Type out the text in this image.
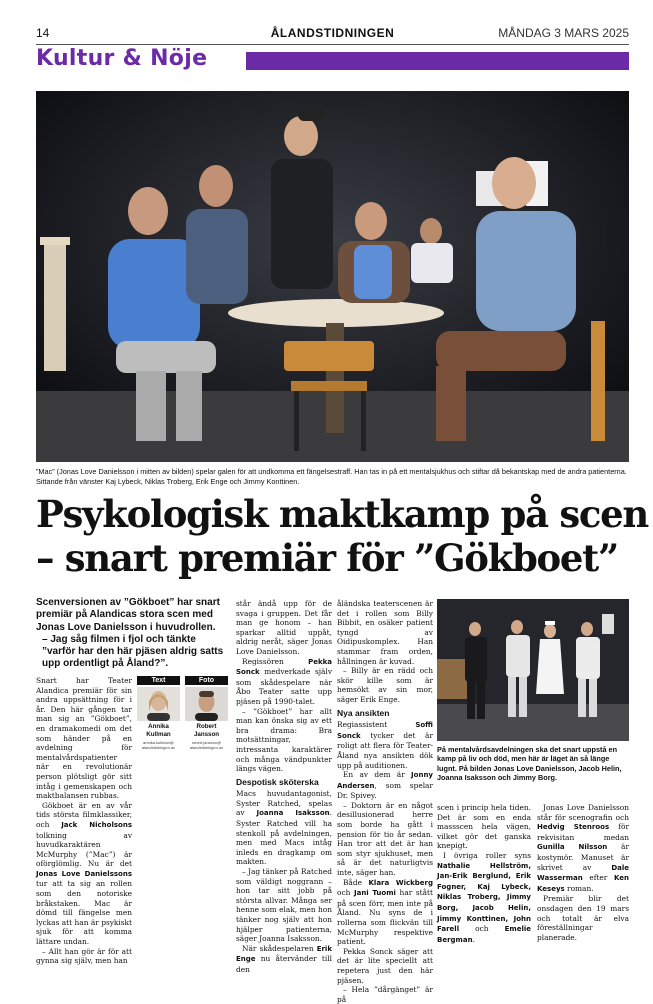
14	ÅLANDSTIDNINGEN	MÅNDAG 3 MARS 2025
Kultur & Nöje
”Mac” (Jonas Love Danielsson i mitten av bilden) spelar galen för att undkomma ett fängelsestraff. Han tas in på ett mentalsjukhus och stiftar då bekantskap med de andra patienterna. Sittande från vänster Kaj Lybeck, Niklas Troberg, Erik Enge och Jimmy Konttinen.
Psykologisk maktkamp på scen
– snart premiär för ”Gökboet”

Scenversionen av ”Gökboet” har snart premiär på Alandicas stora scen med Jonas Love Danielsson i huvudrollen.

– Jag såg filmen i fjol och tänkte ”varför har den här pjäsen aldrig satts upp ordentligt på Åland?”.

Snart har Teater Alandica premiär för sin andra uppsättning för i år. Den här gången tar man sig an ”Gökboet”, en dramakomedi om det som händer på en avdelning för mentalvårdspatienter när en revolutionär person plötsligt gör sitt intåg i gemenskapen och maktbalansen rubbas.

Gökboet är en av vår tids största filmklassiker, och Jack Nicholsons tolkning av huvudkaraktären McMurphy (”Mac”) är oförglömlig. Nu är det Jonas Love Danielssons tur att ta sig an rollen som den notoriske bråkstaken. Mac är dömd till fängelse men lyckas att han är psykiskt sjuk för att komma lättare undan.

– Allt han gör är för att gynna sig själv, men han

Text	Foto
Annika Kullman
Robert Jansson
annika.kullman@ alandstidningen.ax
robert.jansson@ alandstidningen.ax

står ändå upp för de svaga i gruppen. Det får man ge honom – han sparkar alltid uppåt, aldrig neråt, säger Jonas Love Danielsson.

Regissören Pekka Sonck medverkade själv som skådespelare när Åbo Teater satte upp pjäsen på 1990-talet.

– ”Gökboet” har allt man kan önska sig av ett bra drama: Bra motsättningar, intressanta karaktärer och många vändpunkter längs vägen.

Despotisk sköterska

Macs huvudantagonist, Syster Ratched, spelas av Joanna Isaksson. Syster Ratched vill ha stenkoll på avdelningen, men med Macs intåg inleds en dragkamp om makten.

– Jag tänker på Ratched som väldigt noggrann – hon tar sitt jobb på största allvar. Många ser henne som elak, men hon tänker nog själv att hon hjälper patienterna, säger Joanna Isaksson.

När skådespelaren Erik Enge nu återvänder till den

åländska teaterscenen är det i rollen som Billy Bibbit, en osäker patient tyngd av Oidipuskomplex. Han stammar fram orden, hållningen är kuvad.

– Billy är en rädd och skör kille som är hemsökt av sin mor, säger Erik Enge.

Nya ansikten

Regiassistent Soffi Sonck tycker det är roligt att flera för Teater-Åland nya ansikten dök upp på auditionen.

En av dem är Jonny Andersen, som spelar Dr. Spivey.

– Doktorn är en något desillusionerad herre som borde ha gått i pension för tio år sedan. Han tror att det är han som styr sjukhuset, men så är det naturligtvis inte, säger han.

Både Klara Wickberg och Jani Tuomi har stått på scen förr, men inte på Åland. Nu syns de i rollerna som flickvän till McMurphy respektive patient.

Pekka Sonck säger att det är lite speciellt att repetera just den här pjäsen.

– Hela ”dårgänget” är på

På mentalvårdsavdelningen ska det snart uppstå en kamp på liv och död, men här är läget än så länge lugnt. På bilden Jonas Love Danielsson, Jacob Helin, Joanna Isaksson och Jimmy Borg.

scen i princip hela tiden. Det är som en enda massscen hela vägen, vilket gör det ganska knepigt.

I övriga roller syns Nathalie Hellström, Jan-Erik Berglund, Erik Fogner, Kaj Lybeck, Niklas Troberg, Jimmy Borg, Jacob Helin, Jimmy Konttinen, John Farell och Emelie Bergman.

Jonas Love Danielsson står för scenografin och Hedvig Stenroos för rekvisitan medan Gunilla Nilsson är kostymör. Manuset är skrivet av Dale Wasserman efter Ken Keseys roman.

Premiär blir det onsdagen den 19 mars och totalt är elva föreställningar planerade.
